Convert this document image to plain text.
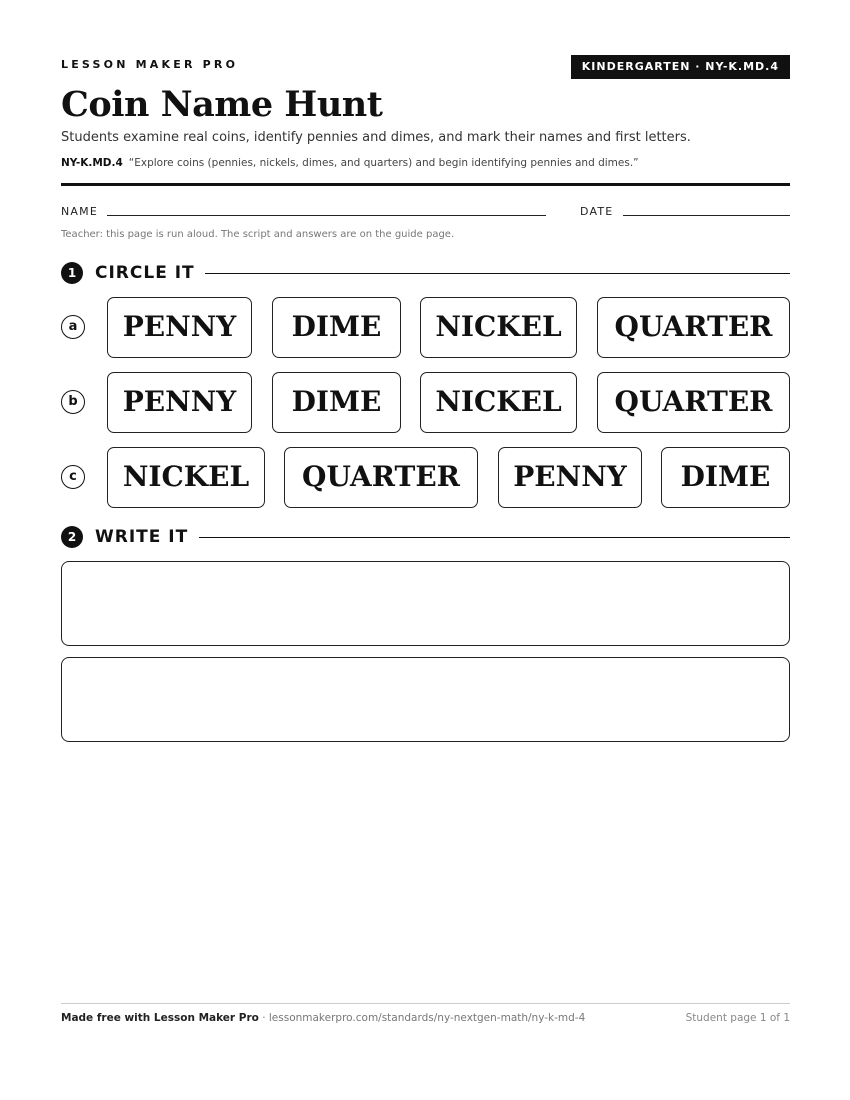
LESSON MAKER PRO	KINDERGARTEN · NY-K.MD.4
Coin Name Hunt
Students examine real coins, identify pennies and dimes, and mark their names and first letters.
NY-K.MD.4 “Explore coins (pennies, nickels, dimes, and quarters) and begin identifying pennies and dimes.”
NAME	DATE
Teacher: this page is run aloud. The script and answers are on the guide page.
1	CIRCLE IT
a	PENNY	DIME	NICKEL	QUARTER
b	PENNY	DIME	NICKEL	QUARTER
c	NICKEL	QUARTER	PENNY	DIME
2	WRITE IT
Made free with Lesson Maker Pro · lessonmakerpro.com/standards/ny-nextgen-math/ny-k-md-4	Student page 1 of 1
